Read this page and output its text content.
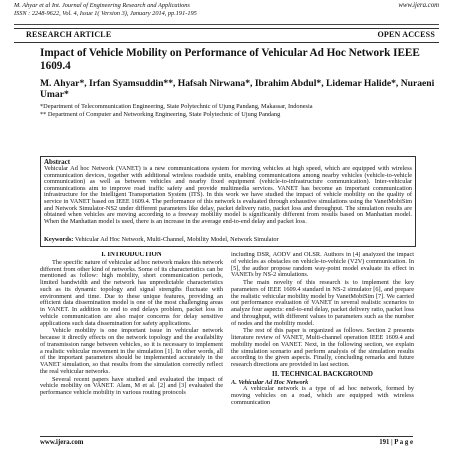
M. Ahyar et al Int. Journal of Engineering Research and Applications
ISSN : 2248-9622, Vol. 4, Issue 1( Version 3), January 2014, pp.191-195
www.ijera.com
RESEARCH ARTICLE	OPEN ACCESS
Impact of Vehicle Mobility on Performance of Vehicular Ad Hoc Network IEEE 1609.4

M. Ahyar*, Irfan Syamsuddin**, Hafsah Nirwana*, Ibrahim Abdul*, Lidemar Halide*, Nuraeni Umar*

*Department of Telecommunication Engineering, State Polytechnic of Ujung Pandang, Makassar, Indonesia

** Department of Computer and Networking Engineering, State Polytechnic of Ujung Pandang

Abstract

Vehicular Ad hoc Network (VANET) is a new communications system for moving vehicles at high speed, which are equipped with wireless communication devices, together with additional wireless roadside units, enabling communications among nearby vehicles (vehicle-to-vehicle communication) as well as between vehicles and nearby fixed equipment (vehicle-to-infrastructure communication). Inter-vehicular communications aim to improve road traffic safety and provide multimedia services. VANET has become an important communication infrastructure for the Intelligent Transportation System (ITS). In this work we have studied the impact of vehicle mobility on the quality of service in VANET based on IEEE 1609.4. The performance of this network is evaluated through exhaustive simulations using the VanetMobiSim and Network Simulator-NS2 under different parameters like delay, packet delivery ratio, packet loss and throughput. The simulation results are obtained when vehicles are moving according to a freeway mobility model is significantly different from results based on Manhattan model. When the Manhattan model is used, there is an increase in the average end-to-end delay and packet loss.

Keywords: Vehicular Ad Hoc Network, Multi-Channel, Mobility Model, Network Simulator
I. INTRODUCTION

The specific nature of vehicular ad hoc network makes this network different from other kind of networks. Some of its characteristics can be mentioned as follow: high mobility, short communication periods, limited bandwidth and the network has unpredictable characteristics such as its dynamic topology and signal strengths fluctuate with environment and time. Due to these unique features, providing an efficient data dissemination model is one of the most challenging areas in VANET. In addition to end to end delays problem, packet loss in vehicle communication are also major concerns for delay sensitive applications such data dissemination for safety applications.

Vehicle mobility is one important issue in vehicular network because it directly effects on the network topology and the availability of transmission range between vehicles, so it is necessary to implement a realistic vehicular movement in the simulation [1]. In other words, all of the important parameters should be implemented accurately in the VANET simulation, so that results from the simulation correctly reflect the real vehicular networks.

Several recent papers have studied and evaluated the impact of vehicle mobility on VANET. Alam, M et al. [2] and [3] evaluated the performance vehicle mobility in various routing protocols

including DSR, AODV and OLSR. Authors in [4] analyzed the impact of vehicles as obstacles on vehicle-to-vehicle (V2V) communication. In [5], the author propose random way-point model evaluate its effect in VANETs by NS-2 simulations.

The main novelty of this research is to implement the key parameters of IEEE 1609.4 standard in NS-2 simulator [6], and prepare the realistic vehicular mobility model by VanetMobiSim [7]. We carried out performance evaluation of VANET in several realistic scenarios to analyze four aspects: end-to-end delay, packet delivery ratio, packet loss and throughput, with different values to parameters such as the number of nodes and the mobility model.

The rest of this paper is organized as follows. Section 2 presents literature review of VANET, Multi-channel operation IEEE 1609.4 and mobility model on VANET. Next, in the following section, we explain the simulation scenario and perform analysis of the simulation results according to the given aspects. Finally, concluding remarks and future research directions are provided in last section.

II. TECHNICAL BACKGROUND
A. Vehicular Ad Hoc Network

A vehicular network is a type of ad hoc network, formed by moving vehicles on a road, which are equipped with wireless communication

www.ijera.com	191 | P a g e
